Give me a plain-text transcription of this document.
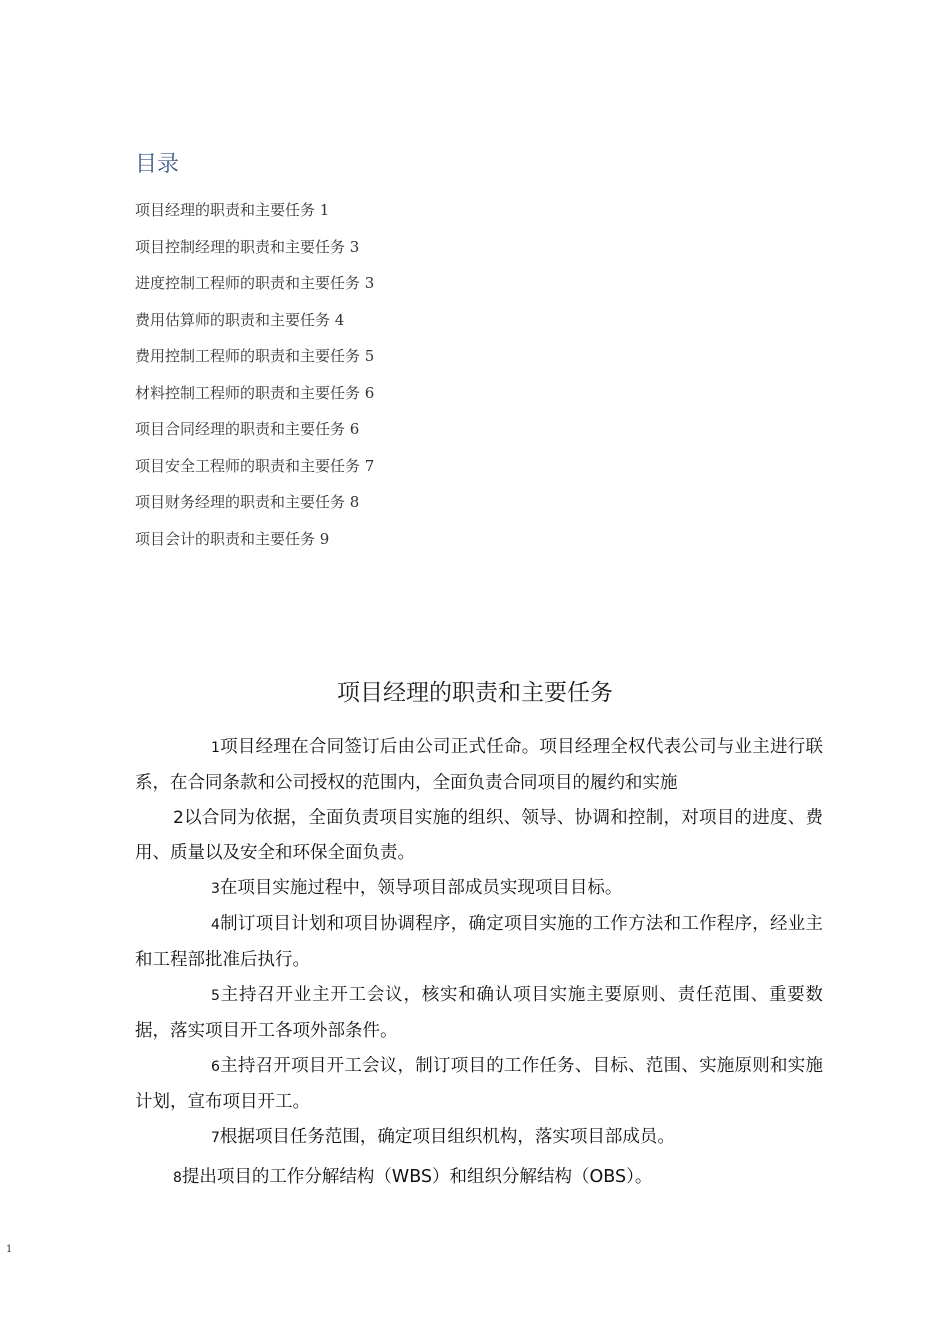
目录
项目经理的职责和主要任务 1
项目控制经理的职责和主要任务 3
进度控制工程师的职责和主要任务 3
费用估算师的职责和主要任务 4
费用控制工程师的职责和主要任务 5
材料控制工程师的职责和主要任务 6
项目合同经理的职责和主要任务 6
项目安全工程师的职责和主要任务 7
项目财务经理的职责和主要任务 8
项目会计的职责和主要任务 9
项目经理的职责和主要任务

1项目经理在合同签订后由公司正式任命。项目经理全权代表公司与业主进行联系，在合同条款和公司授权的范围内，全面负责合同项目的履约和实施

2以合同为依据，全面负责项目实施的组织、领导、协调和控制，对项目的进度、费用、质量以及安全和环保全面负责。

3在项目实施过程中，领导项目部成员实现项目目标。

4制订项目计划和项目协调程序，确定项目实施的工作方法和工作程序，经业主和工程部批准后执行。

5主持召开业主开工会议，核实和确认项目实施主要原则、责任范围、重要数据，落实项目开工各项外部条件。

6主持召开项目开工会议，制订项目的工作任务、目标、范围、实施原则和实施计划，宣布项目开工。

7根据项目任务范围，确定项目组织机构，落实项目部成员。

8提出项目的工作分解结构（WBS）和组织分解结构（OBS）。

1
